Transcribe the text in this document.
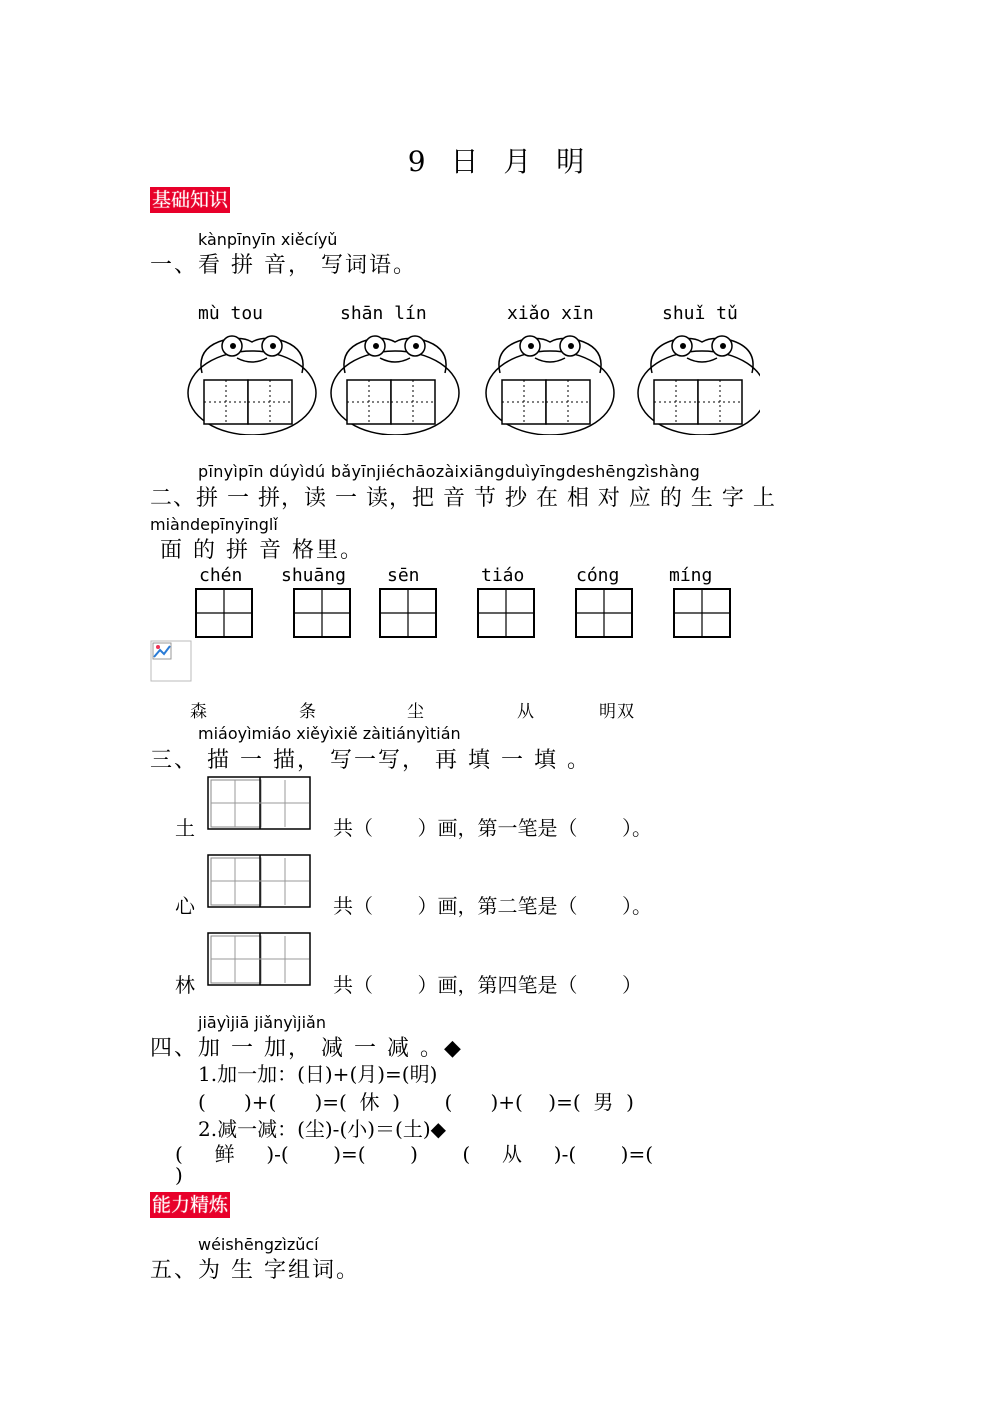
9 日 月 明
基础知识
kànpīnyīn xiěcíyǔ
一、看 拼 音， 写词语。
mù tou	shān lín	xiǎo xīn	shuǐ tǔ
pīnyìpīn dúyìdú bǎyīnjiéchāozàixiāngduìyīngdeshēngzìshàng
二、拼 一 拼，读 一 读，把 音 节 抄 在 相 对 应 的 生 字 上
miàndepīnyīnglǐ
面 的 拼 音 格里。
chén shuāng sēn	tiáo	cóng	míng
森	条	尘	从	明 双
miáoyìmiáo xiěyìxiě zàitiányìtián
三、 描 一 描， 写一写， 再 填 一 填 。
土	共（       ）画，第一笔是（       ）。
心	共（       ）画，第二笔是（       ）。
林	共（       ）画，第四笔是（       ）
jiāyìjiā jiǎnyìjiǎn
四、加 一 加， 减 一 减 。◆
1.加一加：(日)+(月)=(明)
(      )+(      )=(  休  )       (      )+(    )=(  男  )
2.减一减：(尘)-(小)＝(土)◆
(     鲜     )-(       )=(       )       (     从     )-(       )=(
)
能力精炼
wéishēngzìzǔcí
五、为 生 字组词。
